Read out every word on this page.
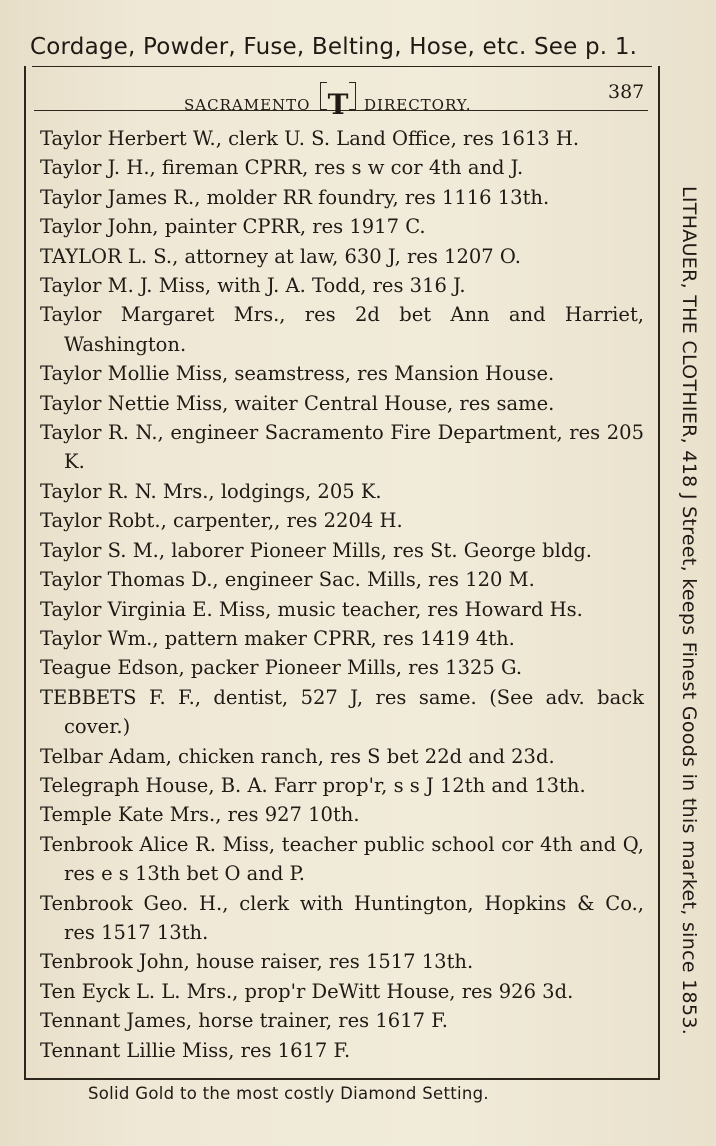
Cordage, Powder, Fuse, Belting, Hose, etc. See p. 1.
SACRAMENTO T DIRECTORY.
387
Taylor Herbert W., clerk U. S. Land Office, res 1613 H.
Taylor J. H., fireman CPRR, res s w cor 4th and J.
Taylor James R., molder RR foundry, res 1116 13th.
Taylor John, painter CPRR, res 1917 C.
TAYLOR L. S., attorney at law, 630 J, res 1207 O.
Taylor M. J. Miss, with J. A. Todd, res 316 J.
Taylor Margaret Mrs., res 2d bet Ann and Harriet, Washington.
Taylor Mollie Miss, seamstress, res Mansion House.
Taylor Nettie Miss, waiter Central House, res same.
Taylor R. N., engineer Sacramento Fire Department, res 205 K.
Taylor R. N. Mrs., lodgings, 205 K.
Taylor Robt., carpenter,, res 2204 H.
Taylor S. M., laborer Pioneer Mills, res St. George bldg.
Taylor Thomas D., engineer Sac. Mills, res 120 M.
Taylor Virginia E. Miss, music teacher, res Howard Hs.
Taylor Wm., pattern maker CPRR, res 1419 4th.
Teague Edson, packer Pioneer Mills, res 1325 G.
TEBBETS F. F., dentist, 527 J, res same. (See adv. back cover.)
Telbar Adam, chicken ranch, res S bet 22d and 23d.
Telegraph House, B. A. Farr prop'r, s s J 12th and 13th.
Temple Kate Mrs., res 927 10th.
Tenbrook Alice R. Miss, teacher public school cor 4th and Q, res e s 13th bet O and P.
Tenbrook Geo. H., clerk with Huntington, Hopkins & Co., res 1517 13th.
Tenbrook John, house raiser, res 1517 13th.
Ten Eyck L. L. Mrs., prop'r DeWitt House, res 926 3d.
Tennant James, horse trainer, res 1617 F.
Tennant Lillie Miss, res 1617 F.
LITHAUER, THE CLOTHIER, 418 J Street, keeps Finest Goods in this market, since 1853.
Solid Gold to the most costly Diamond Setting.
